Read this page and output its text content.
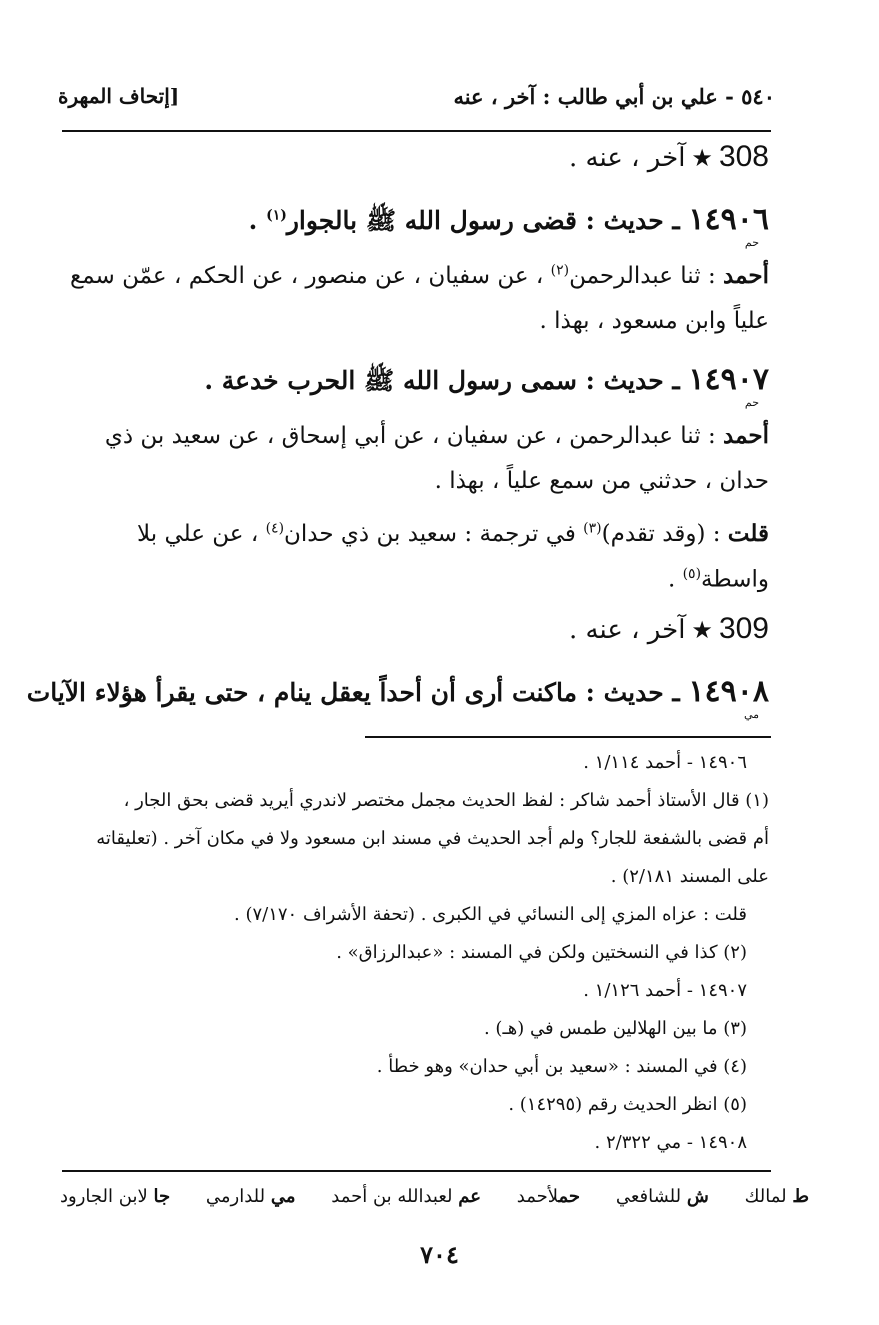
٥٤٠ - علي بن أبي طالب : آخر ، عنه
[إتحاف المهرة
308★آخر ، عنه .
١٤٩٠٦ ـ حديث : قضى رسول الله ﷺ بالجوار$^{(١)}$ .
حم
أحمد : ثنا عبدالرحمن$^{(٢)}$ ، عن سفيان ، عن منصور ، عن الحكم ، عمّن سمع
علياً وابن مسعود ، بهذا .
١٤٩٠٧ ـ حديث : سمى رسول الله ﷺ الحرب خدعة .
حم
أحمد : ثنا عبدالرحمن ، عن سفيان ، عن أبي إسحاق ، عن سعيد بن ذي
حدان ، حدثني من سمع علياً ، بهذا .
قلت : (وقد تقدم)$^{(٣)}$ في ترجمة : سعيد بن ذي حدان$^{(٤)}$ ، عن علي بلا
واسطة$^{(٥)}$ .
309★آخر ، عنه .
١٤٩٠٨ ـ حديث : ماكنت أرى أن أحداً يعقل ينام ، حتى يقرأ هؤلاء الآيات
مي
١٤٩٠٦ - أحمد ١/١١٤ .
(١) قال الأستاذ أحمد شاكر : لفظ الحديث مجمل مختصر لاندري أيريد قضى بحق الجار ،
أم قضى بالشفعة للجار؟ ولم أجد الحديث في مسند ابن مسعود ولا في مكان آخر . (تعليقاته
على المسند ٢/١٨١) .
قلت : عزاه المزي إلى النسائي في الكبرى . (تحفة الأشراف ٧/١٧٠) .
(٢) كذا في النسختين ولكن في المسند : «عبدالرزاق» .
١٤٩٠٧ - أحمد ١/١٢٦ .
(٣) ما بين الهلالين طمس في (هـ) .
(٤) في المسند : «سعيد بن أبي حدان» وهو خطأ .
(٥) انظر الحديث رقم (١٤٢٩٥) .
١٤٩٠٨ - مي ٢/٣٢٢ .
ط لمالك
ش للشافعي
حملأحمد
عم لعبدالله بن أحمد
مي للدارمي
جا لابن الجارود
٧٠٤
